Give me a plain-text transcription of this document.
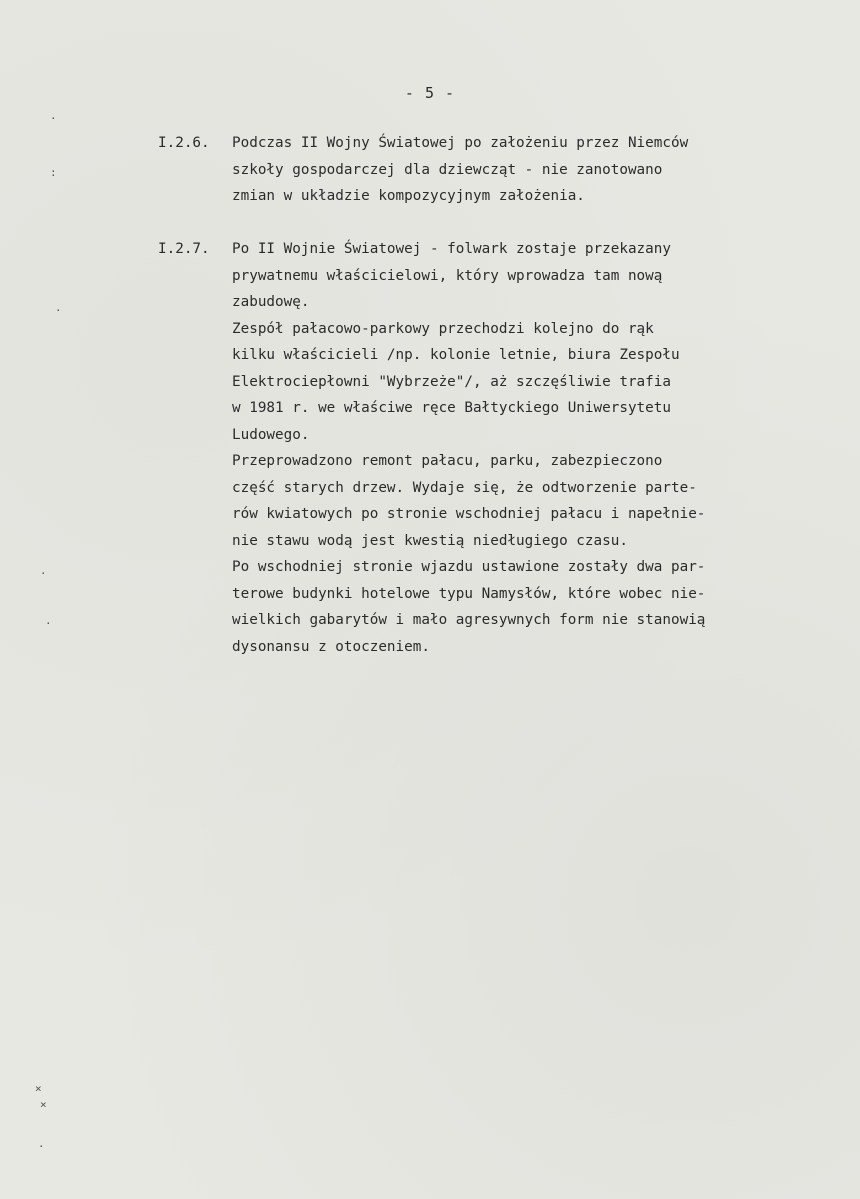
- 5 -
I.2.6. Podczas II Wojny Światowej po założeniu przez Niemców
szkoły gospodarczej dla dziewcząt - nie zanotowano
zmian w układzie kompozycyjnym założenia.
I.2.7. Po II Wojnie Światowej - folwark zostaje przekazany
prywatnemu właścicielowi, który wprowadza tam nową
zabudowę.
Zespół pałacowo-parkowy przechodzi kolejno do rąk
kilku właścicieli /np. kolonie letnie, biura Zespołu
Elektrociepłowni "Wybrzeże"/, aż szczęśliwie trafia
w 1981 r. we właściwe ręce Bałtyckiego Uniwersytetu
Ludowego.
Przeprowadzono remont pałacu, parku, zabezpieczono
część starych drzew. Wydaje się, że odtworzenie parte-
rów kwiatowych po stronie wschodniej pałacu i napełnie-
nie stawu wodą jest kwestią niedługiego czasu.
Po wschodniej stronie wjazdu ustawione zostały dwa par-
terowe budynki hotelowe typu Namysłów, które wobec nie-
wielkich gabarytów i mało agresywnych form nie stanowią
dysonansu z otoczeniem.
·
:
·
·
·
×
×
·
